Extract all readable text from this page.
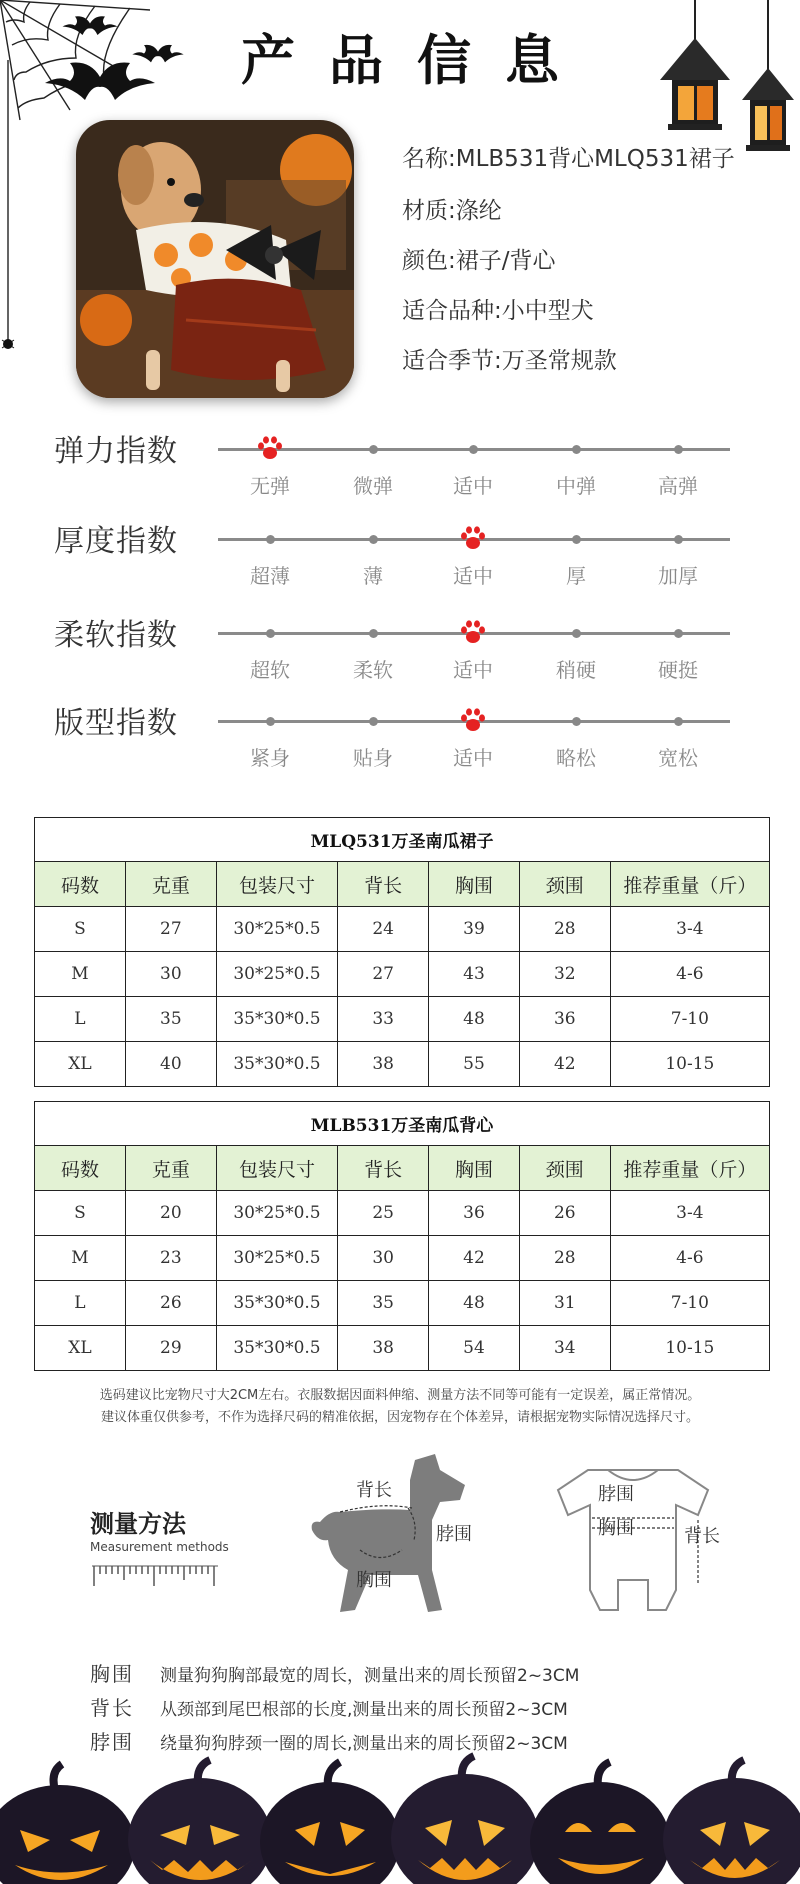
产品信息
名称:MLB531背心MLQ531裙子
材质:涤纶
颜色:裙子/背心
适合品种:小中型犬
适合季节:万圣常规款
弹力指数
无弹	微弹	适中	中弹	高弹
厚度指数
超薄	薄	适中	厚	加厚
柔软指数
超软	柔软	适中	稍硬	硬挺
版型指数
紧身	贴身	适中	略松	宽松
MLQ531万圣南瓜裙子						
码数	克重	包装尺寸	背长	胸围	颈围	推荐重量（斤）
S	27	30*25*0.5	24	39	28	3-4
M	30	30*25*0.5	27	43	32	4-6
L	35	35*30*0.5	33	48	36	7-10
XL	40	35*30*0.5	38	55	42	10-15
MLB531万圣南瓜背心						
码数	克重	包装尺寸	背长	胸围	颈围	推荐重量（斤）
S	20	30*25*0.5	25	36	26	3-4
M	23	30*25*0.5	30	42	28	4-6
L	26	35*30*0.5	35	48	31	7-10
XL	29	35*30*0.5	38	54	34	10-15
选码建议比宠物尺寸大2CM左右。衣服数据因面料伸缩、测量方法不同等可能有一定误差，属正常情况。
建议体重仅供参考，不作为选择尺码的精准依据，因宠物存在个体差异，请根据宠物实际情况选择尺寸。
测量方法
Measurement methods
背长
脖围
胸围
脖围
胸围	背长
胸围 测量狗狗胸部最宽的周长，测量出来的周长预留2~3CM
背长 从颈部到尾巴根部的长度,测量出来的周长预留2~3CM
脖围 绕量狗狗脖颈一圈的周长,测量出来的周长预留2~3CM
